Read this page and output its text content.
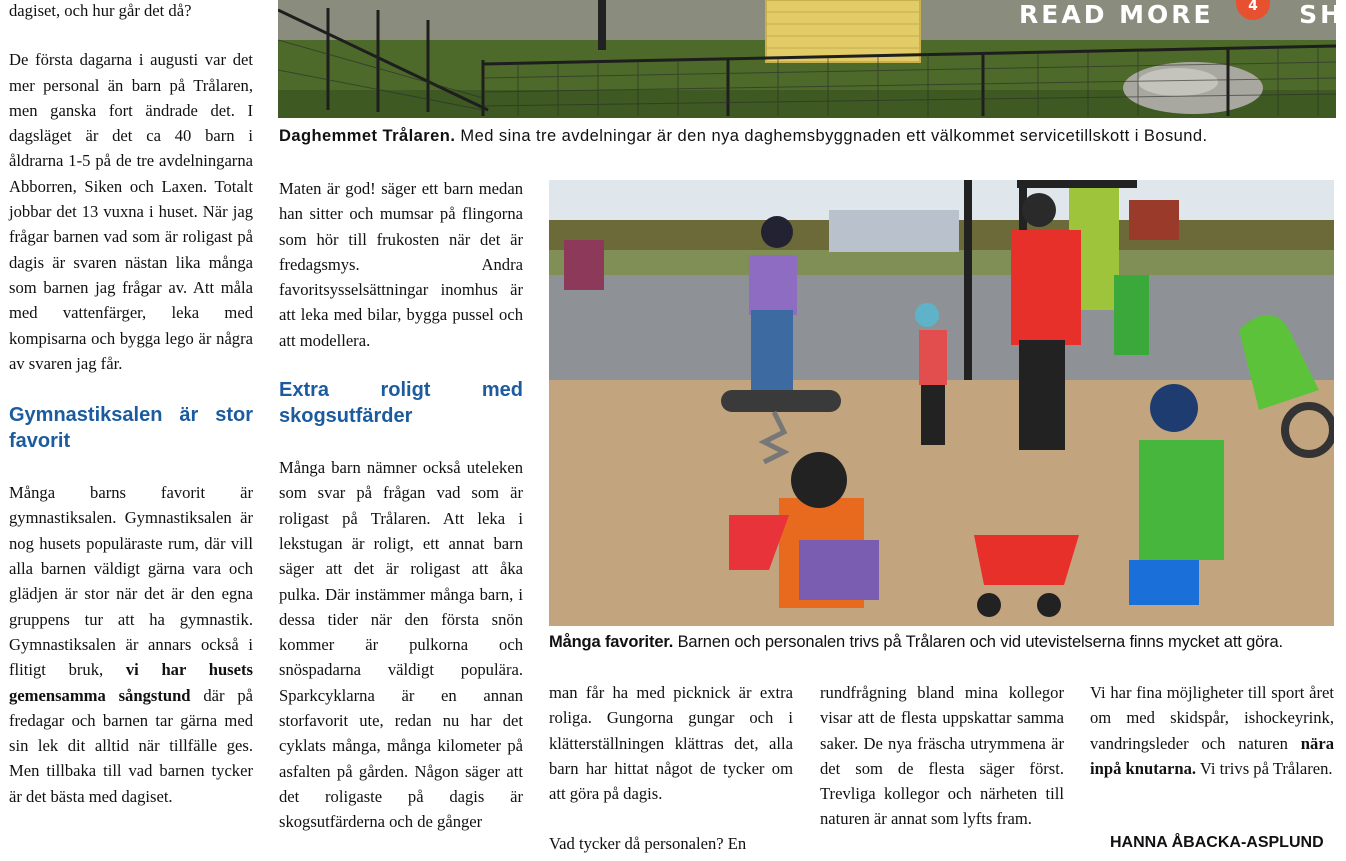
READ MORE	SH
4
Daghemmet Trålaren. Med sina tre avdelningar är den nya daghemsbyggnaden ett välkommet servicetillskott i Bosund.

dagiset, och hur går det då?

De första dagarna i augusti var det mer personal än barn på Trålaren, men ganska fort ändrade det. I dagsläget är det ca 40 barn i åldrarna 1-5 på de tre avdelningarna Abborren, Siken och Laxen. Totalt jobbar det 13 vuxna i huset. När jag frågar barnen vad som är roligast på dagis är svaren nästan lika många som barnen jag frågar av. Att måla med vattenfärger, leka med kompisarna och bygga lego är några av svaren jag får.

Gymnastiksalen är stor favorit

Många barns favorit är gymnastiksalen. Gymnastiksalen är nog husets populäraste rum, där vill alla barnen väldigt gärna vara och glädjen är stor när det är den egna gruppens tur att ha gymnastik. Gymnastiksalen är annars också i flitigt bruk, vi har husets gemensamma sångstund där på fredagar och barnen tar gärna med sin lek dit alltid när tillfälle ges. Men tillbaka till vad barnen tycker är det bästa med dagiset.

Maten är god! säger ett barn medan han sitter och mumsar på flingorna som hör till frukosten när det är fredagsmys. Andra favoritsysselsättningar inomhus är att leka med bilar, bygga pussel och att modellera.

Extra roligt med skogsutfärder

Många barn nämner också uteleken som svar på frågan vad som är roligast på Trålaren. Att leka i lekstugan är roligt, ett annat barn säger att det är roligast att åka pulka. Där instämmer många barn, i dessa tider när den första snön kommer är pulkorna och snöspadarna väldigt populära. Sparkcyklarna är en annan storfavorit ute, redan nu har det cyklats många, många kilometer på asfalten på gården. Någon säger att det roligaste på dagis är skogsutfärderna och de gånger

Många favoriter. Barnen och personalen trivs på Trålaren och vid utevistelserna finns mycket att göra.

man får ha med picknick är extra roliga. Gungorna gungar och i klätterställningen klättras det, alla barn har hittat något de tycker om att göra på dagis.

Vad tycker då personalen? En

rundfrågning bland mina kollegor visar att de flesta uppskattar samma saker. De nya fräscha utrymmena är det som de flesta säger först. Trevliga kollegor och närheten till naturen är annat som lyfts fram.

Vi har fina möjligheter till sport året om med skidspår, ishockeyrink, vandringsleder och naturen nära inpå knutarna. Vi trivs på Trålaren.

HANNA ÅBACKA-ASPLUND
